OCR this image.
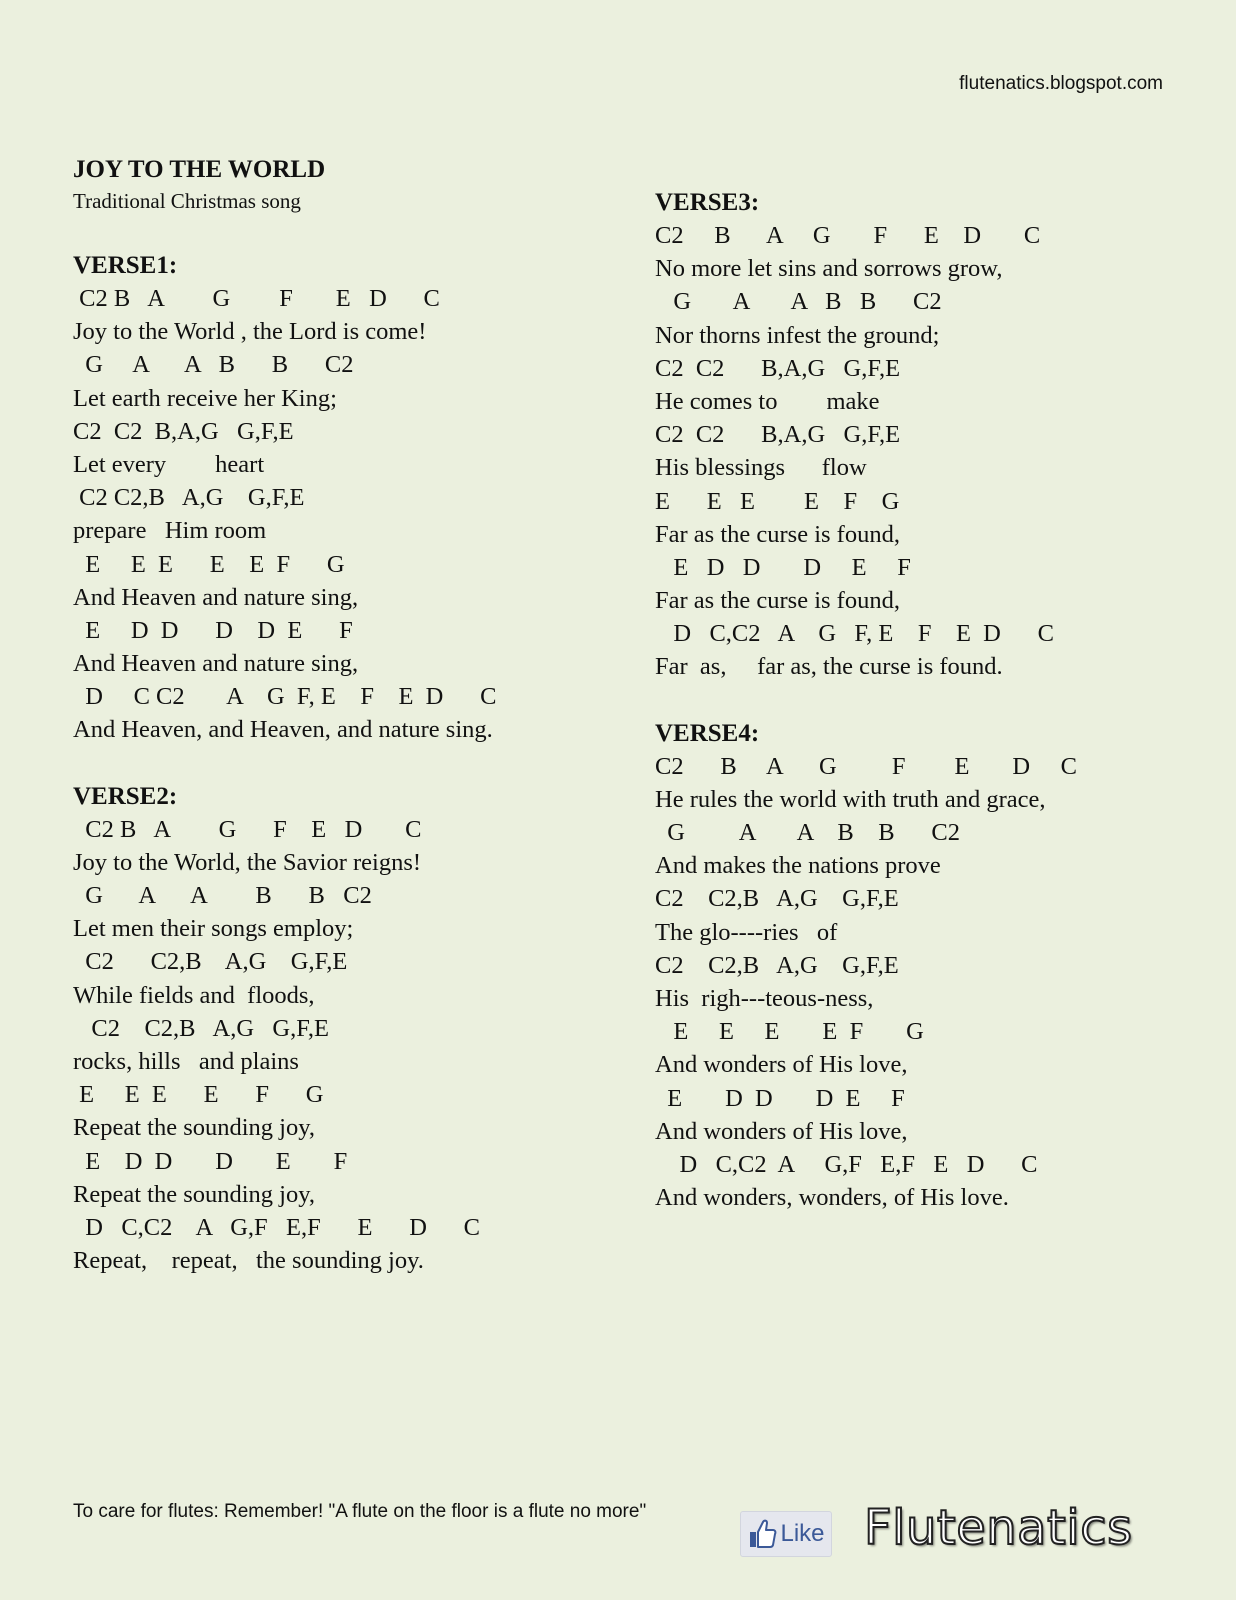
flutenatics.blogspot.com
JOY TO THE WORLD

Traditional Christmas song

VERSE1:
C2 B   A        G        F       E   D      C
Joy to the World , the Lord is come!
G     A      A   B      B      C2
Let earth receive her King;
C2  C2  B,A,G   G,F,E
Let every        heart
C2 C2,B   A,G    G,F,E
prepare   Him room
E     E  E      E    E  F      G
And Heaven and nature sing,
E     D  D      D    D  E      F
And Heaven and nature sing,
D     C C2       A    G  F, E    F    E  D      C
And Heaven, and Heaven, and nature sing.
VERSE2:
C2 B   A        G      F    E   D       C
Joy to the World, the Savior reigns!
G      A      A        B      B   C2
Let men their songs employ;
C2      C2,B    A,G    G,F,E
While fields and  floods,
C2    C2,B   A,G   G,F,E
rocks, hills   and plains
E     E  E      E      F      G
Repeat the sounding joy,
E    D  D       D       E       F
Repeat the sounding joy,
D   C,C2    A   G,F   E,F      E      D      C
Repeat,    repeat,   the sounding joy.
VERSE3:
C2     B      A     G       F      E    D       C
No more let sins and sorrows grow,
G       A       A   B   B      C2
Nor thorns infest the ground;
C2  C2      B,A,G   G,F,E
He comes to        make
C2  C2      B,A,G   G,F,E
His blessings      flow
E      E   E        E    F    G
Far as the curse is found,
E   D   D       D     E     F
Far as the curse is found,
D   C,C2   A    G   F, E    F    E  D      C
Far  as,     far as, the curse is found.
VERSE4:
C2      B     A      G         F        E       D     C
He rules the world with truth and grace,
G         A       A    B    B      C2
And makes the nations prove
C2    C2,B   A,G    G,F,E
The glo----ries   of
C2    C2,B   A,G    G,F,E
His  righ---teous-ness,
E     E     E       E  F       G
And wonders of His love,
E       D  D       D  E     F
And wonders of His love,
D   C,C2  A     G,F   E,F   E   D      C
And wonders, wonders, of His love.
To care for flutes: Remember! "A flute on the floor is a flute no more"
Like Flutenatics
